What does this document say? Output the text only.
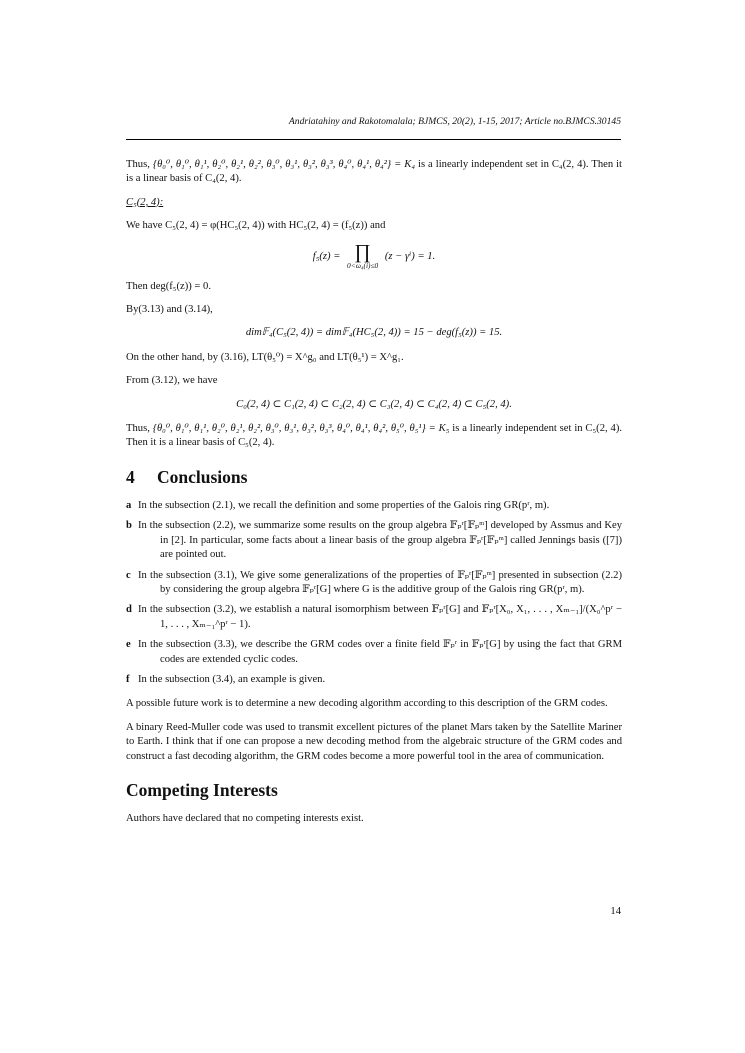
Andriatahiny and Rakotomalala; BJMCS, 20(2), 1-15, 2017; Article no.BJMCS.30145

Thus, {θ₀⁰, θ₁⁰, θ₁¹, θ₂⁰, θ₂¹, θ₂², θ₃⁰, θ₃¹, θ₃², θ₃³, θ₄⁰, θ₄¹, θ₄²} = K₄ is a linearly independent set in C₄(2, 4). Then it is a linear basis of C₄(2, 4).

C₅(2, 4):

We have C₅(2, 4) = φ(HC₅(2, 4)) with HC₅(2, 4) = (f₅(z)) and

f₅(z) = ∏
0<ω₄(i)≤0
(z − γⁱ) = 1.

Then deg(f₅(z)) = 0.

By(3.13) and (3.14),

dim𝔽₄(C₅(2, 4)) = dim𝔽₄(HC₅(2, 4)) = 15 − deg(f₅(z)) = 15.

On the other hand, by (3.16), LT(θ₅⁰) = X^g₀ and LT(θ₅¹) = X^g₁.

From (3.12), we have

C₀(2, 4) ⊂ C₁(2, 4) ⊂ C₂(2, 4) ⊂ C₃(2, 4) ⊂ C₄(2, 4) ⊂ C₅(2, 4).

Thus, {θ₀⁰, θ₁⁰, θ₁¹, θ₂⁰, θ₂¹, θ₂², θ₃⁰, θ₃¹, θ₃², θ₃³, θ₄⁰, θ₄¹, θ₄², θ₅⁰, θ₅¹} = K₅ is a linearly independent set in C₅(2, 4). Then it is a linear basis of C₅(2, 4).

4 Conclusions
a In the subsection (2.1), we recall the definition and some properties of the Galois ring GR(pʳ, m).
b In the subsection (2.2), we summarize some results on the group algebra 𝔽ₚʳ[𝔽ₚᵐ] developed by Assmus and Key in [2]. In particular, some facts about a linear basis of the group algebra 𝔽ₚʳ[𝔽ₚᵐ] called Jennings basis ([7]) are pointed out.
c In the subsection (3.1), We give some generalizations of the properties of 𝔽ₚʳ[𝔽ₚᵐ] presented in subsection (2.2) by considering the group algebra 𝔽ₚʳ[G] where G is the additive group of the Galois ring GR(pʳ, m).
d In the subsection (3.2), we establish a natural isomorphism between 𝔽ₚʳ[G] and 𝔽ₚʳ[X₀, X₁, . . . , Xₘ₋₁]/(X₀^pʳ − 1, . . . , Xₘ₋₁^pʳ − 1).
e In the subsection (3.3), we describe the GRM codes over a finite field 𝔽ₚʳ in 𝔽ₚʳ[G] by using the fact that GRM codes are extended cyclic codes.
f In the subsection (3.4), an example is given.

A possible future work is to determine a new decoding algorithm according to this description of the GRM codes.

A binary Reed-Muller code was used to transmit excellent pictures of the planet Mars taken by the Satellite Mariner to Earth. I think that if one can propose a new decoding method from the algebraic structure of the GRM codes and construct a fast decoding algorithm, the GRM codes become a more powerful tool in the area of communication.

Competing Interests

Authors have declared that no competing interests exist.

14
